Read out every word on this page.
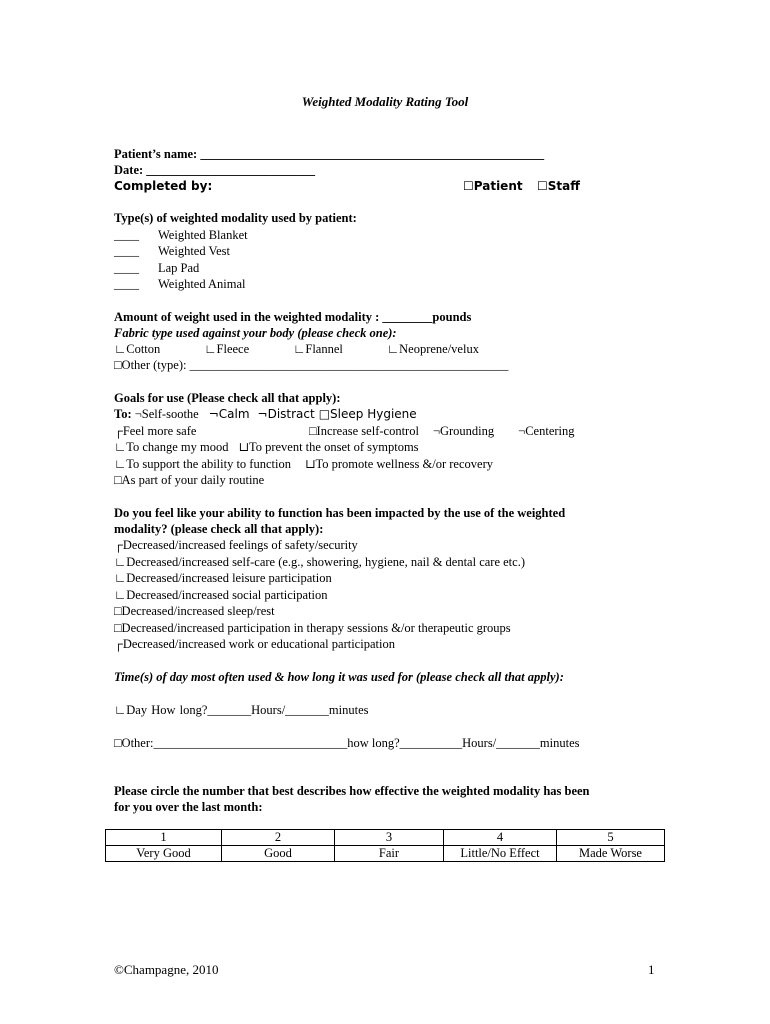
Weighted Modality Rating Tool
Patient’s name: _______________________________________________________
Date: ___________________________
Completed by:	☐Patient ☐Staff
Type(s) of weighted modality used by patient:
____ Weighted Blanket
____ Weighted Vest
____ Lap Pad
____ Weighted Animal
Amount of weight used in the weighted modality : ________pounds
Fabric type used against your body (please check one):
∟Cotton	∟Fleece	∟Flannel	∟Neoprene/velux
□Other (type): ___________________________________________________
Goals for use (Please check all that apply):
To: ¬Self-soothe ¬Calm ¬Distract □Sleep Hygiene
┌Feel more safe	□Increase self-control ¬Grounding ¬Centering
∟To change my mood ⊔To prevent the onset of symptoms
∟To support the ability to function ⊔To promote wellness &/or recovery
□As part of your daily routine
Do you feel like your ability to function has been impacted by the use of the weighted
modality? (please check all that apply):
┌Decreased/increased feelings of safety/security
∟Decreased/increased self-care (e.g., showering, hygiene, nail & dental care etc.)
∟Decreased/increased leisure participation
∟Decreased/increased social participation
□Decreased/increased sleep/rest
□Decreased/increased participation in therapy sessions &/or therapeutic groups
┌Decreased/increased work or educational participation
Time(s) of day most often used & how long it was used for (please check all that apply):
∟Day How long?_______Hours/_______minutes
□Other:_______________________________how long?__________Hours/_______minutes
Please circle the number that best describes how effective the weighted modality has been
for you over the last month:
1	2	3	4	5
Very Good	Good	Fair	Little/No Effect	Made Worse
©Champagne, 2010	1
